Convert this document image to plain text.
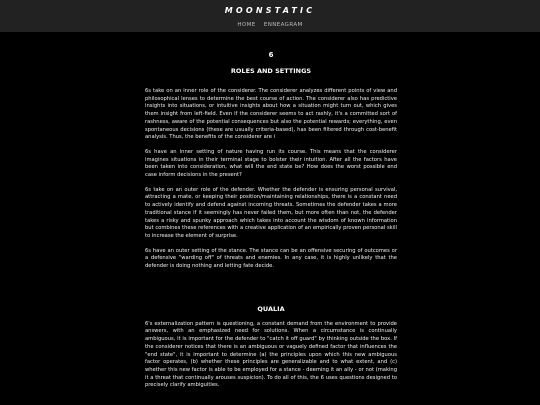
MOONSTATIC
HOME ENNEAGRAM
6
ROLES AND SETTINGS

6s take on an inner role of the considerer. The considerer analyzes different points of view and philosophical lenses to determine the best course of action. The considerer also has predictive insights into situations, or intuitive insights about how a situation might turn out, which gives them insight from left-field. Even if the considerer seems to act rashly, it's a committed sort of rashness, aware of the potential consequences but also the potential rewards; everything, even spontaneous decisions (these are usually criteria-based), has been filtered through cost-benefit analysis. Thus, the benefits of the considerer are i

6s have an inner setting of nature having run its course. This means that the considerer imagines situations in their terminal stage to bolster their intuition. After all the factors have been taken into consideration, what will the end state be? How does the worst possible end case inform decisions in the present?

6s take on an outer role of the defender. Whether the defender is ensuring personal survival, attracting a mate, or keeping their position/maintaining relationships, there is a constant need to actively identify and defend against incoming threats. Sometimes the defender takes a more traditional stance if it seemingly has never failed them, but more often than not, the defender takes a risky and spunky approach which takes into account the wisdom of known information but combines these references with a creative application of an empirically proven personal skill to increase the element of surprise.

6s have an outer setting of the stance. The stance can be an offensive securing of outcomes or a defensive "warding off" of threats and enemies. In any case, it is highly unlikely that the defender is doing nothing and letting fate decide.

QUALIA

6's externalization pattern is questioning, a constant demand from the environment to provide answers, with an emphasized need for solutions. When a circumstance is continually ambiguous, it is important for the defender to "catch it off guard" by thinking outside the box. If the considerer notices that there is an ambiguous or vaguely defined factor that influences the "end state", it is important to determine (a) the principles upon which this new ambiguous factor operates, (b) whether these principles are generalizable and to what extent, and (c) whether this new factor is able to be employed for a stance - deeming it an ally - or not (making it a threat that continually arouses suspicion). To do all of this, the 6 uses questions designed to precisely clarify ambiguities.
